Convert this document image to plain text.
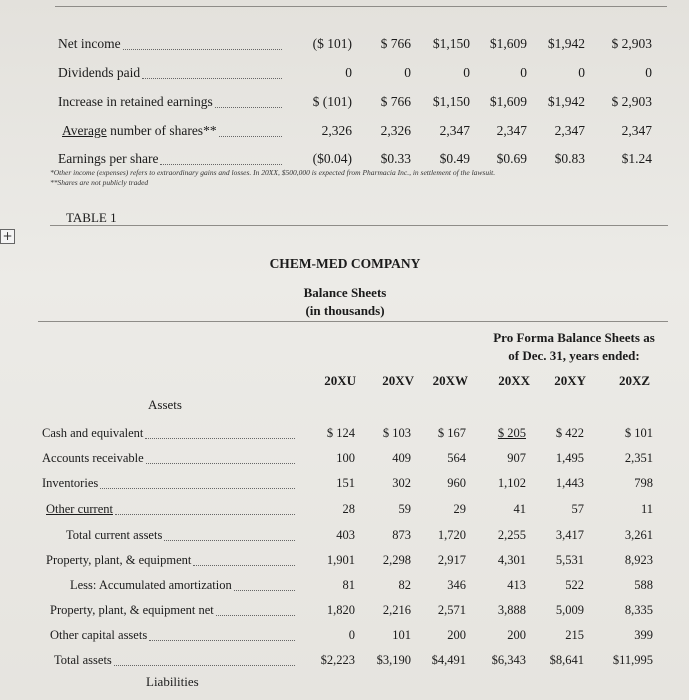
Net income	($ 101) $ 766 $1,150 $1,609 $1,942 $ 2,903
Dividends paid	0	0	0	0	0	0
Increase in retained earnings	$ (101) $ 766 $1,150 $1,609 $1,942 $ 2,903
Average number of shares**	2,326 2,326 2,347 2,347 2,347	2,347
Earnings per share	($0.04) $0.33 $0.49 $0.69 $0.83	$1.24
*Other income (expenses) refers to extraordinary gains and losses. In 20XX, $500,000 is expected from Pharmacia Inc., in settlement of the lawsuit.
**Shares are not publicly traded
TABLE 1
+
CHEM-MED COMPANY
Balance Sheets
(in thousands)
Pro Forma Balance Sheets as
of Dec. 31, years ended:
20XU 20XV 20XW 20XX 20XY	20XZ
Assets
Cash and equivalent	$ 124 $ 103 $ 167	$ 205 $ 422	$ 101
Accounts receivable	100	409	564	907 1,495	2,351
Inventories	151	302	960	1,102 1,443	798
Other current	28	59	29	41	57	11
Total current assets	403	873 1,720	2,255 3,417	3,261
Property, plant, & equipment	1,901 2,298 2,917	4,301 5,531	8,923
Less: Accumulated amortization	81	82	346	413	522	588
Property, plant, & equipment net	1,820 2,216 2,571	3,888 5,009	8,335
Other capital assets	0	101	200	200	215	399
Total assets	$2,223 $3,190 $4,491 $6,343 $8,641 $11,995
Liabilities
